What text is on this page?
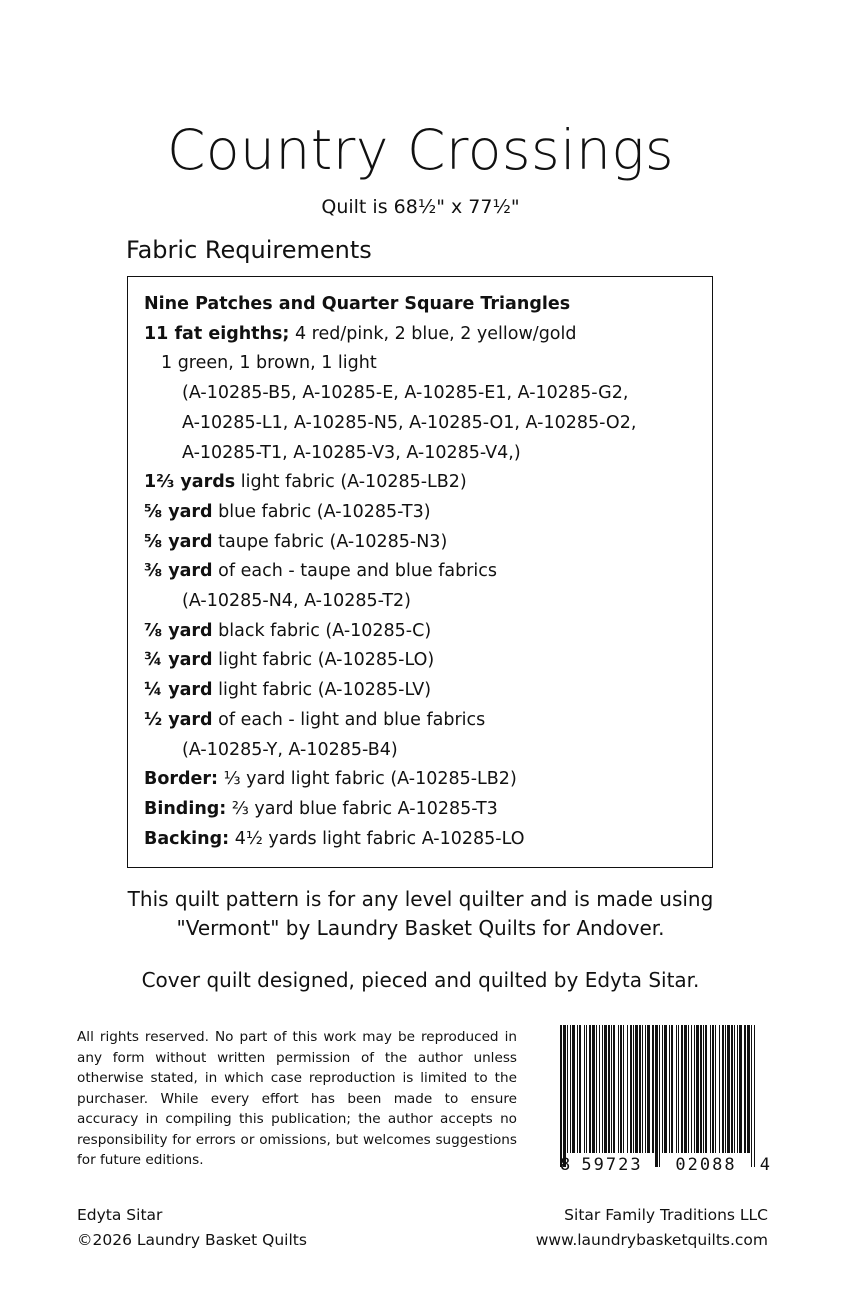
Country Crossings
Quilt is 68½" x 77½"
Fabric Requirements
Nine Patches and Quarter Square Triangles
11 fat eighths; 4 red/pink, 2 blue, 2 yellow/gold
1 green, 1 brown, 1 light
(A-10285-B5, A-10285-E, A-10285-E1, A-10285-G2,
A-10285-L1, A-10285-N5, A-10285-O1, A-10285-O2,
A-10285-T1, A-10285-V3, A-10285-V4,)
1⅔ yards light fabric (A-10285-LB2)
⅝ yard blue fabric (A-10285-T3)
⅝ yard taupe fabric (A-10285-N3)
⅜ yard of each - taupe and blue fabrics
(A-10285-N4, A-10285-T2)
⅞ yard black fabric (A-10285-C)
¾ yard light fabric (A-10285-LO)
¼ yard light fabric (A-10285-LV)
½ yard of each - light and blue fabrics
(A-10285-Y, A-10285-B4)
Border: ⅓ yard light fabric (A-10285-LB2)
Binding: ⅔ yard blue fabric A-10285-T3
Backing: 4½ yards light fabric A-10285-LO
This quilt pattern is for any level quilter and is made using
"Vermont" by Laundry Basket Quilts for Andover.
Cover quilt designed, pieced and quilted by Edyta Sitar.
All rights reserved. No part of this work may be reproduced in any form without written permission of the author unless otherwise stated, in which case reproduction is limited to the purchaser. While every effort has been made to ensure accuracy in compiling this publication; the author accepts no responsibility for errors or omissions, but welcomes suggestions for future editions.	8 59723 02088 4
Edyta Sitar
©2026 Laundry Basket Quilts
Sitar Family Traditions LLC
www.laundrybasketquilts.com
